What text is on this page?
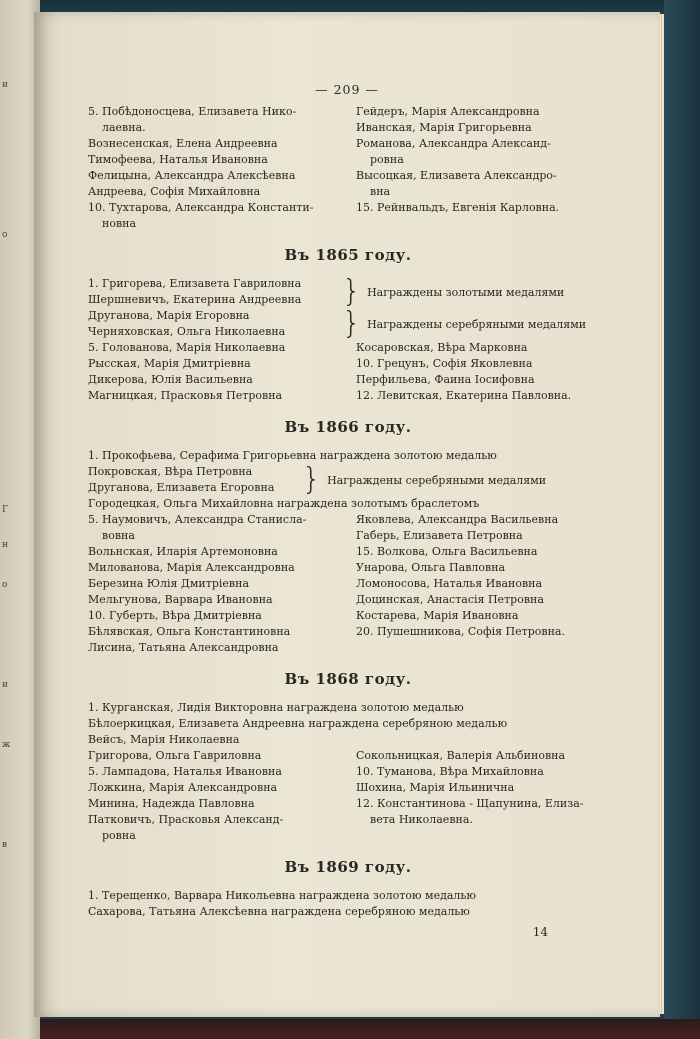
и
о
Г
н
о
и
ж
в
— 209 —
5. Побѣдоносцева, Елизавета Нико-
лаевна.
Вознесенская, Елена Андреевна
Тимофеева, Наталья Ивановна
Фелицына, Александра Алексѣевна
Андреева, Софія Михайловна
10. Тухтарова, Александра Константи-
новна
Гейдеръ, Марія Александровна
Иванская, Марія Григорьевна
Романова, Александра Александ-
ровна
Высоцкая, Елизавета Александро-
вна
15. Рейнвальдъ, Евгенія Карловна.
Въ 1865 году.
1. Григорева, Елизавета Гавриловна
Шершневичъ, Екатерина Андреевна	} Награждены золотыми медалями
Друганова, Марія Егоровна
Черняховская, Ольга Николаевна	} Награждены серебряными медалями
5. Голованова, Марія Николаевна
Рысская, Марія Дмитріевна
Дикерова, Юлія Васильевна
Магницкая, Прасковья Петровна
Косаровская, Вѣра Марковна
10. Грецунъ, Софія Яковлевна
Перфильева, Фаина Іосифовна
12. Левитская, Екатерина Павловна.
Въ 1866 году.
1. Прокофьева, Серафима Григорьевна награждена золотою медалью
Покровская, Вѣра Петровна
Друганова, Елизавета Егоровна } Награждены серебряными медалями
Городецкая, Ольга Михайловна награждена золотымъ браслетомъ
5. Наумовичъ, Александра Станисла-
вовна
Вольнская, Иларія Артемоновна
Милованова, Марія Александровна
Березина Юлія Дмитріевна
Мельгунова, Варвара Ивановна
10. Губерть, Вѣра Дмитріевна
Бѣлявская, Ольга Константиновна
Лисина, Татьяна Александровна
Яковлева, Александра Васильевна
Габерь, Елизавета Петровна
15. Волкова, Ольга Васильевна
Унарова, Ольга Павловна
Ломоносова, Наталья Ивановна
Доцинская, Анастасія Петровна
Костарева, Марія Ивановна
20. Пушешникова, Софія Петровна.
Въ 1868 году.
1. Курганская, Лидія Викторовна награждена золотою медалью
Бѣлоеркицкая, Елизавета Андреевна награждена серебряною медалью
Вейсъ, Марія Николаевна
Григорова, Ольга Гавриловна
5. Лампадова, Наталья Ивановна
Ложкина, Марія Александровна
Минина, Надежда Павловна
Патковичъ, Прасковья Александ-
ровна
Сокольницкая, Валерія Альбиновна
10. Туманова, Вѣра Михайловна
Шохина, Марія Ильинична
12. Константинова - Щапунина, Елиза-
вета Николаевна.
Въ 1869 году.
1. Терещенко, Варвара Никольевна награждена золотою медалью
Сахарова, Татьяна Алексѣевна награждена серебряною медалью
14
